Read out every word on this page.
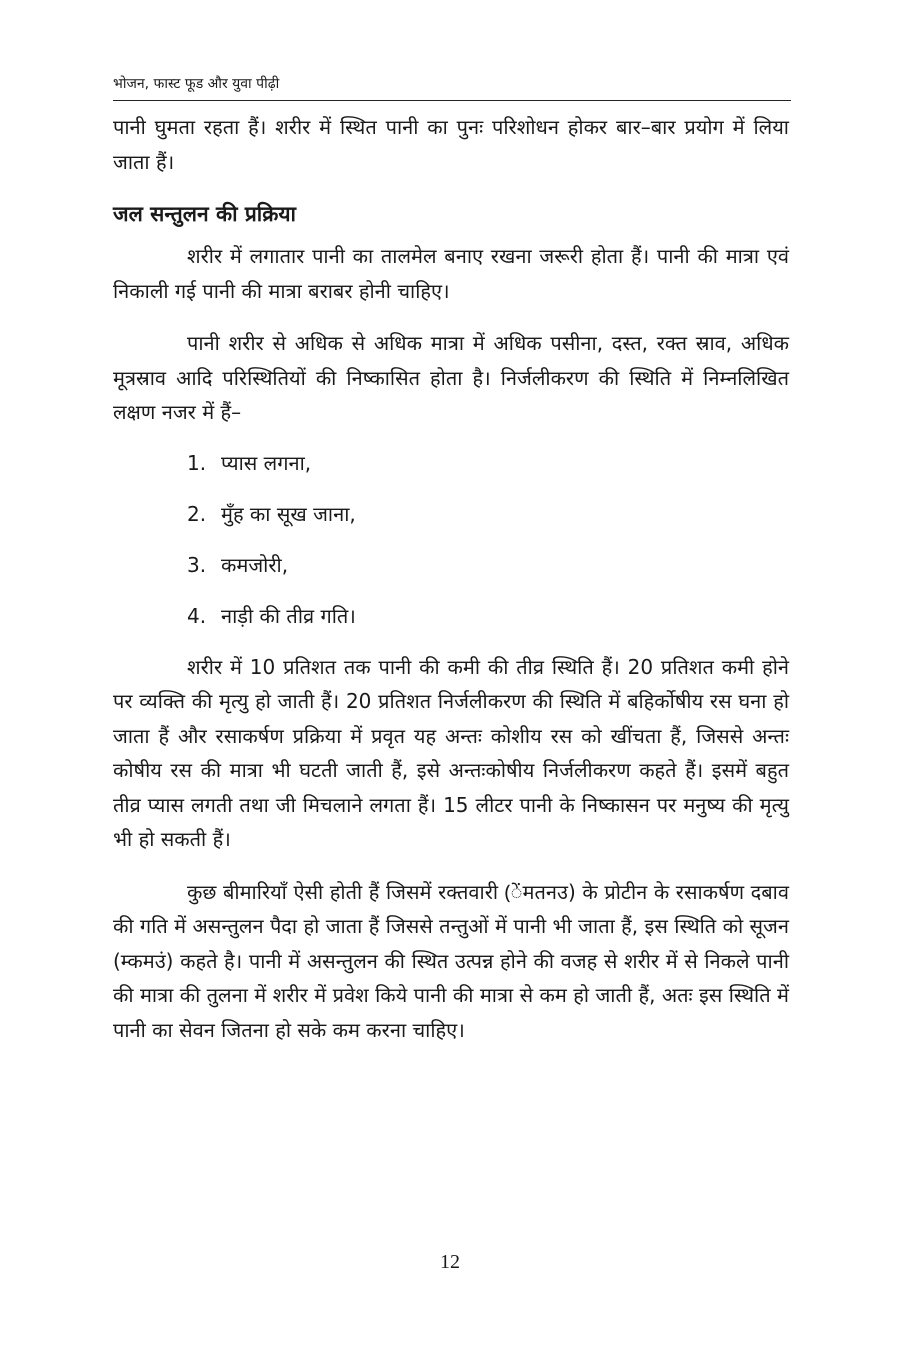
भोजन, फास्ट फूड और युवा पीढ़ी

पानी घुमता रहता हैं। शरीर में स्थित पानी का पुनः परिशोधन होकर बार–बार प्रयोग में लिया जाता हैं।

जल सन्तुलन की प्रक्रिया

शरीर में लगातार पानी का तालमेल बनाए रखना जरूरी होता हैं। पानी की मात्रा एवं निकाली गई पानी की मात्रा बराबर होनी चाहिए।

पानी शरीर से अधिक से अधिक मात्रा में अधिक पसीना, दस्त, रक्त स्राव, अधिक मूत्रस्राव आदि परिस्थितियों की निष्कासित होता है। निर्जलीकरण की स्थिति में निम्नलिखित लक्षण नजर में हैं–

1. प्यास लगना,
2. मुँह का सूख जाना,
3. कमजोरी,
4. नाड़ी की तीव्र गति।

शरीर में 10 प्रतिशत तक पानी की कमी की तीव्र स्थिति हैं। 20 प्रतिशत कमी होने पर व्यक्ति की मृत्यु हो जाती हैं। 20 प्रतिशत निर्जलीकरण की स्थिति में बहिर्कोषीय रस घना हो जाता हैं और रसाकर्षण प्रक्रिया में प्रवृत यह अन्तः कोशीय रस को खींचता हैं, जिससे अन्तः कोषीय रस की मात्रा भी घटती जाती हैं, इसे अन्तःकोषीय निर्जलीकरण कहते हैं। इसमें बहुत तीव्र प्यास लगती तथा जी मिचलाने लगता हैं। 15 लीटर पानी के निष्कासन पर मनुष्य की मृत्यु भी हो सकती हैं।

कुछ बीमारियाँ ऐसी होती हैं जिसमें रक्तवारी (ेंमतनउ) के प्रोटीन के रसाकर्षण दबाव की गति में असन्तुलन पैदा हो जाता हैं जिससे तन्तुओं में पानी भी जाता हैं, इस स्थिति को सूजन (म्कमउं) कहते है। पानी में असन्तुलन की स्थित उत्पन्न होने की वजह से शरीर में से निकले पानी की मात्रा की तुलना में शरीर में प्रवेश किये पानी की मात्रा से कम हो जाती हैं, अतः इस स्थिति में पानी का सेवन जितना हो सके कम करना चाहिए।

12
